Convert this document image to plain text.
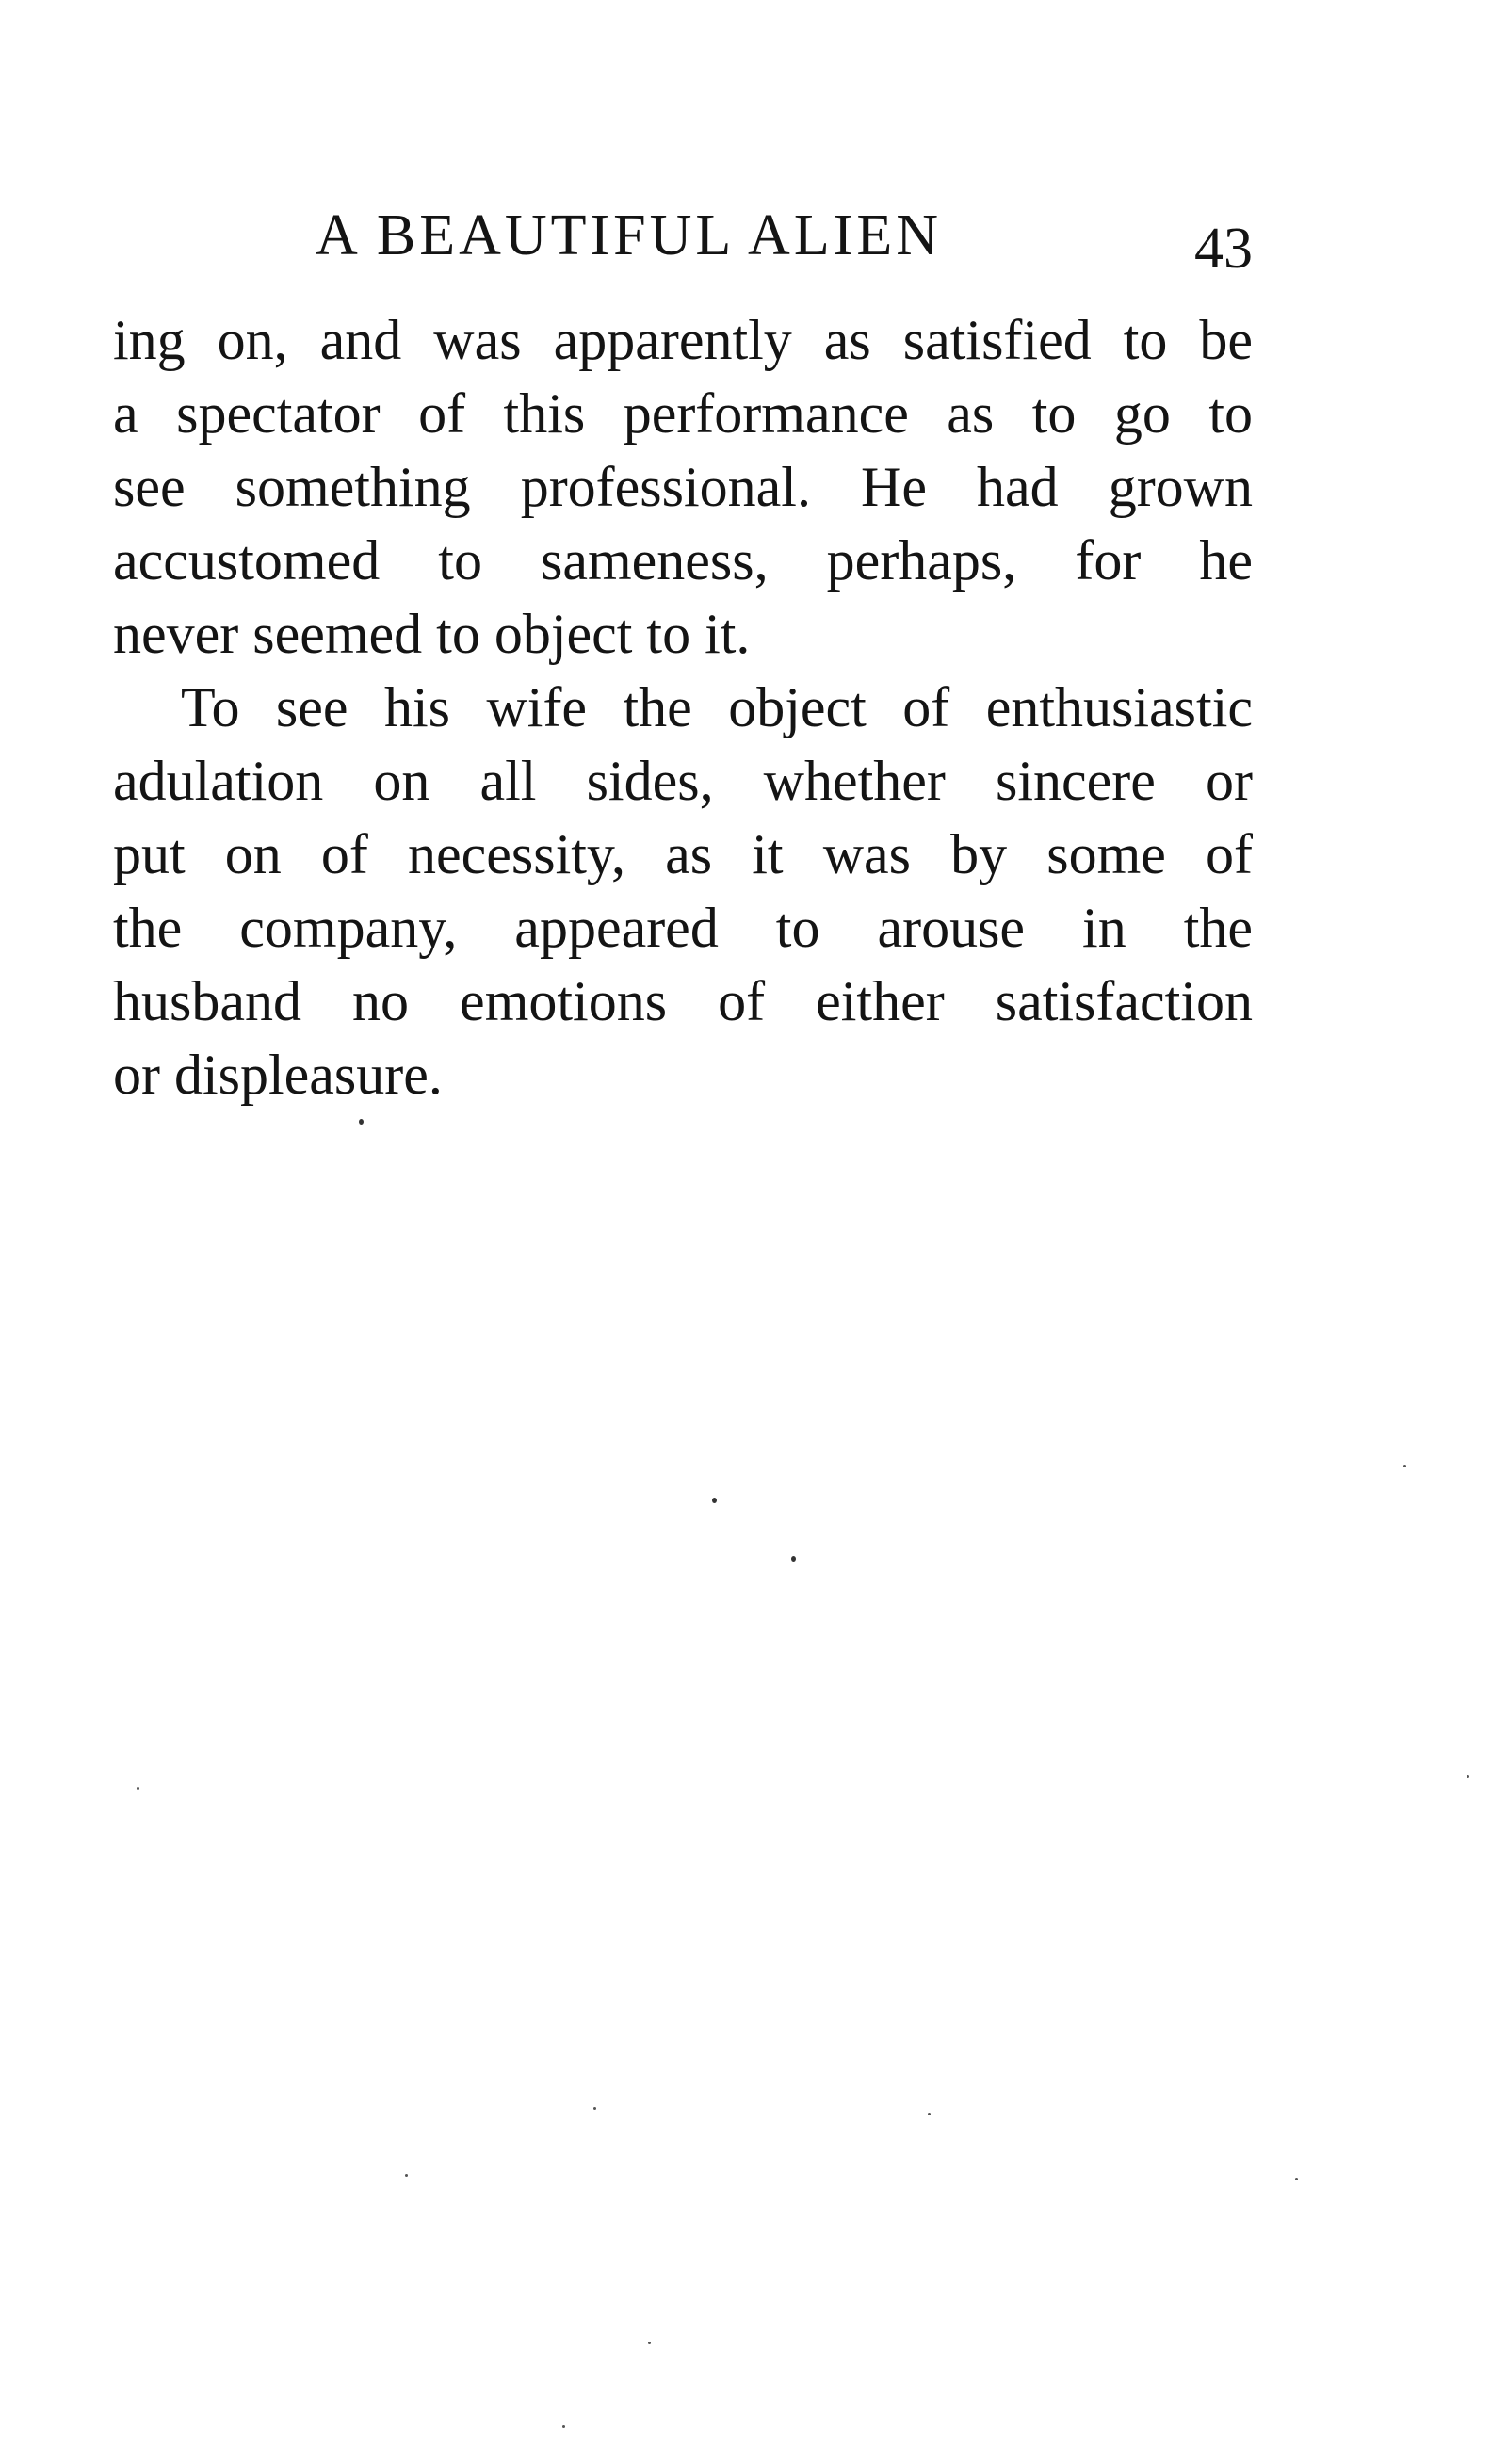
A BEAUTIFUL ALIEN	43
ing on, and was apparently as satisfied to be
a spectator of this performance as to go to
see something professional. He had grown
accustomed to sameness, perhaps, for he
never seemed to object to it.
To see his wife the object of enthusiastic
adulation on all sides, whether sincere or
put on of necessity, as it was by some of
the company, appeared to arouse in the
husband no emotions of either satisfaction
or displeasure.
